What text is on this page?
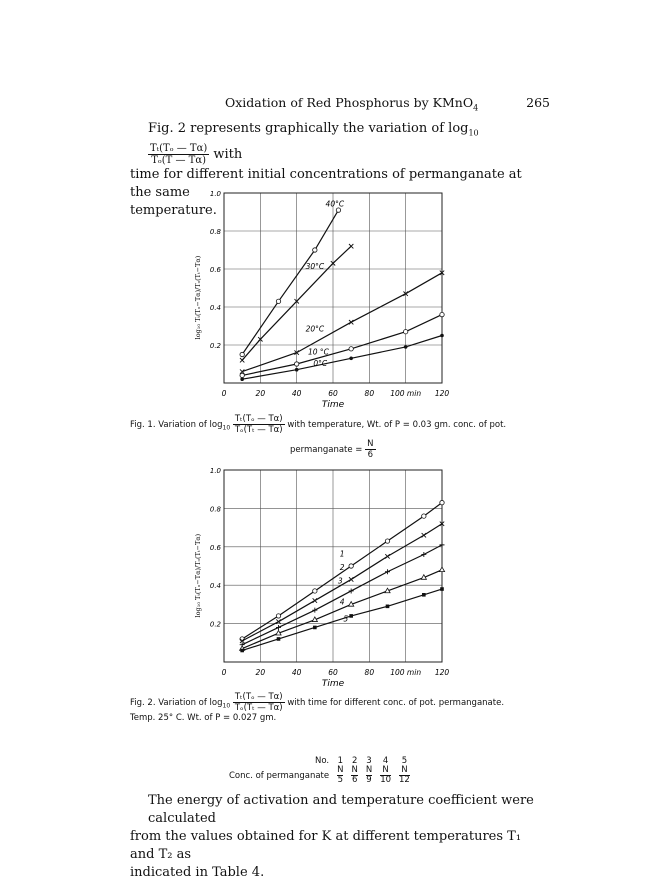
Oxidation of Red Phosphorus by KMnO$_4$	265
Fig. 2 represents graphically the variation of $\log_{10}$
$\frac{\text{Tₜ(Tₒ — Tα)}}{\text{Tₒ(T — Tα)}}$ with
time for different initial concentrations of permanganate at the same
temperature.
0	20	40	60	80 100 min 120
0.2
0.4
0.6
0.8
1.0
Time
log₁₀ Tₜ(Tₒ−Tα)/Tₒ(Tₜ−Tα)
40°C
30°C
20°C
10 °C
0°C
0	20	40	60	80 100 min 120
0.2
0.4
0.6
0.8
1.0
Time
log₁₀ Tₜ(Tₒ−Tα)/Tₒ(Tₜ−Tα)	1
2
3
4
5
Fig. 1. Variation of $\log_{10} \frac{\text{Tₜ(Tₒ — Tα)}}{\text{Tₒ(Tₜ — Tα)}}$ with temperature, Wt. of P = 0.03 gm. conc. of pot.
permanganate = $\frac{N}{6}$
Fig. 2. Variation of $\log_{10} \frac{\text{Tₜ(Tₒ — Tα)}}{\text{Tₒ(Tₜ — Tα)}}$ with time for different conc. of pot. permanganate.
Temp. 25° C. Wt. of P = 0.027 gm.
No.	1	2	3	4	5
Conc. of permanganate	$\frac{N}{5}$	$\frac{N}{6}$	$\frac{N}{9}$	$\frac{N}{10}$	$\frac{N}{12}$
The energy of activation and temperature coefficient were calculated
from the values obtained for K at different temperatures T₁ and T₂ as
indicated in Table 4.
